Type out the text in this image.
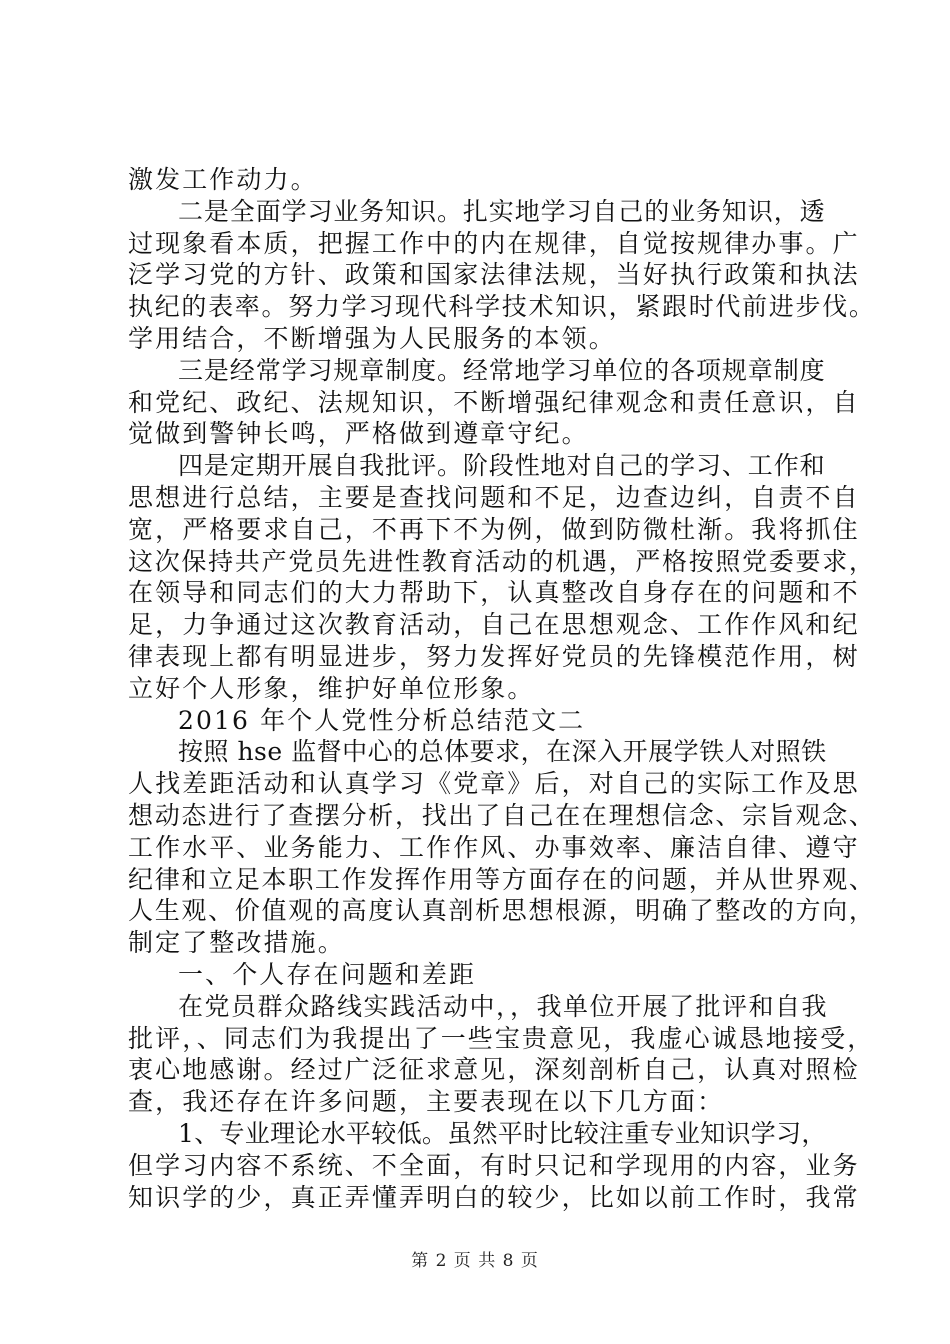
激发工作动力。
二是全面学习业务知识。扎实地学习自己的业务知识，透
过现象看本质，把握工作中的内在规律，自觉按规律办事。广
泛学习党的方针、政策和国家法律法规，当好执行政策和执法
执纪的表率。努力学习现代科学技术知识，紧跟时代前进步伐。
学用结合，不断增强为人民服务的本领。
三是经常学习规章制度。经常地学习单位的各项规章制度
和党纪、政纪、法规知识，不断增强纪律观念和责任意识，自
觉做到警钟长鸣，严格做到遵章守纪。
四是定期开展自我批评。阶段性地对自己的学习、工作和
思想进行总结，主要是查找问题和不足，边查边纠，自责不自
宽，严格要求自己，不再下不为例，做到防微杜渐。我将抓住
这次保持共产党员先进性教育活动的机遇，严格按照党委要求，
在领导和同志们的大力帮助下，认真整改自身存在的问题和不
足，力争通过这次教育活动，自己在思想观念、工作作风和纪
律表现上都有明显进步，努力发挥好党员的先锋模范作用，树
立好个人形象，维护好单位形象。
2016 年个人党性分析总结范文二
按照 hse 监督中心的总体要求，在深入开展学铁人对照铁
人找差距活动和认真学习《党章》后，对自己的实际工作及思
想动态进行了查摆分析，找出了自己在在理想信念、宗旨观念、
工作水平、业务能力、工作作风、办事效率、廉洁自律、遵守
纪律和立足本职工作发挥作用等方面存在的问题，并从世界观、
人生观、价值观的高度认真剖析思想根源，明确了整改的方向，
制定了整改措施。
一、个人存在问题和差距
在党员群众路线实践活动中，，我单位开展了批评和自我
批评，、同志们为我提出了一些宝贵意见，我虚心诚恳地接受，
衷心地感谢。经过广泛征求意见，深刻剖析自己，认真对照检
查，我还存在许多问题，主要表现在以下几方面：
1、专业理论水平较低。虽然平时比较注重专业知识学习，
但学习内容不系统、不全面，有时只记和学现用的内容，业务
知识学的少，真正弄懂弄明白的较少，比如以前工作时，我常
第 2 页 共 8 页
